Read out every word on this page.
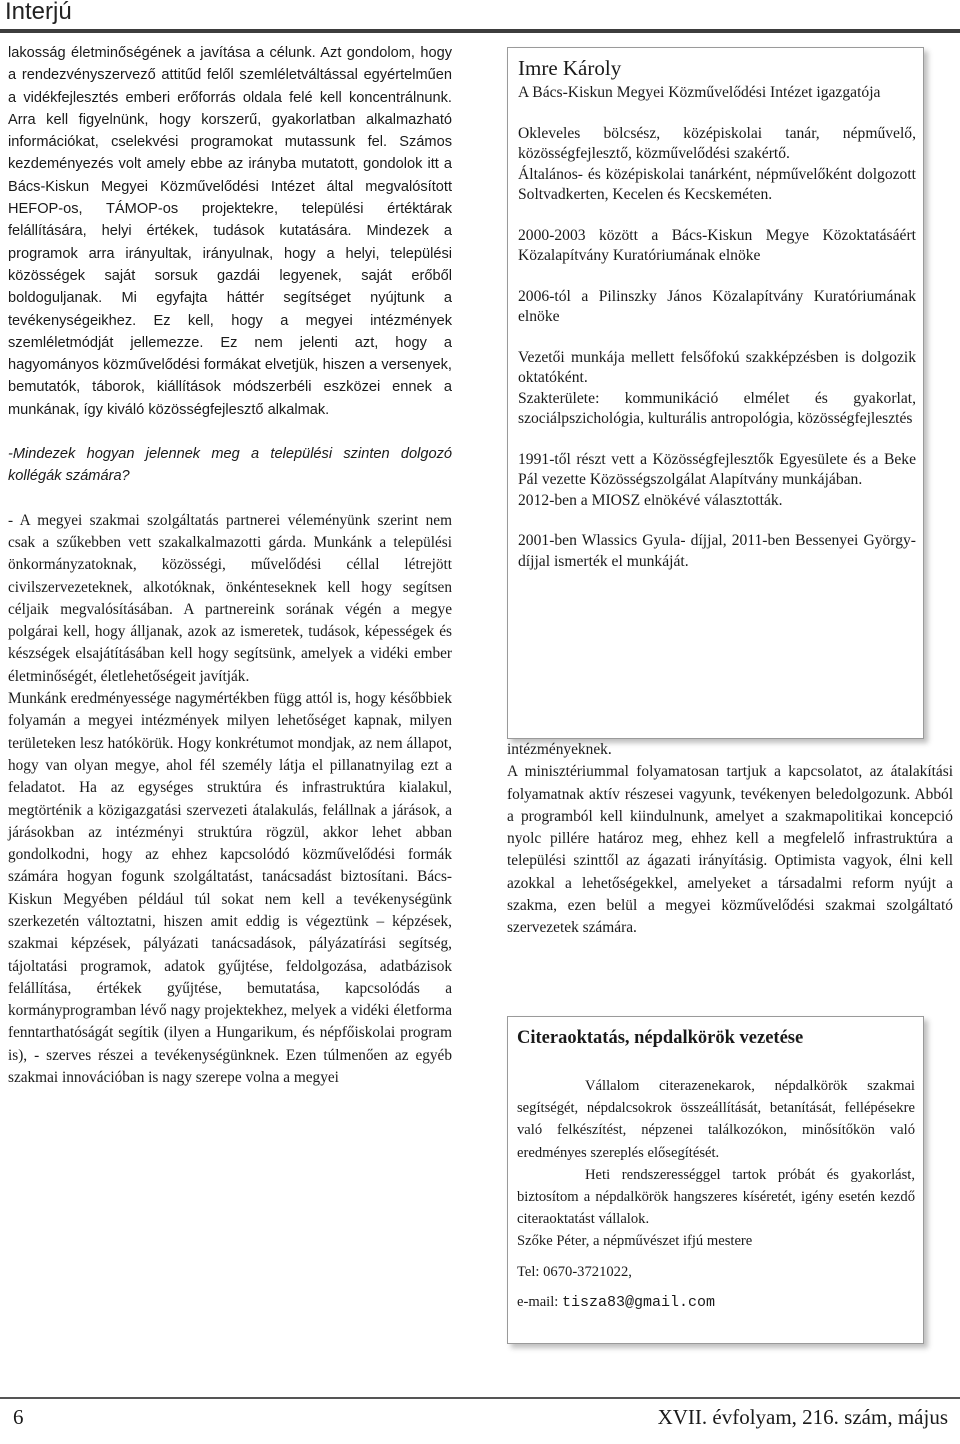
Interjú

lakosság életminőségének a javítása a célunk. Azt gondolom, hogy a rendezvényszervező attitűd felől szemléletváltással egyértelműen a vidékfejlesztés emberi erőforrás oldala felé kell koncentrálnunk. Arra kell figyelnünk, hogy korszerű, gyakorlatban alkalmazható információkat, cselekvési programokat mutassunk fel. Számos kezdeményezés volt amely ebbe az irányba mutatott, gondolok itt a Bács-Kiskun Megyei Közművelődési Intézet által megvalósított HEFOP-os, TÁMOP-os projektekre, települési értéktárak felállítására, helyi értékek, tudások kutatására. Mindezek a programok arra irányultak, irányulnak, hogy a helyi, települési közösségek saját sorsuk gazdái legyenek, saját erőből boldoguljanak. Mi egyfajta háttér segítséget nyújtunk a tevékenységeikhez. Ez kell, hogy a megyei intézmények szemléletmódját jellemezze. Ez nem jelenti azt, hogy a hagyományos közművelődési formákat elvetjük, hiszen a versenyek, bemutatók, táborok, kiállítások módszerbéli eszközei ennek a munkának, így kiváló közösségfejlesztő alkalmak.

-Mindezek hogyan jelennek meg a települési szinten dolgozó kollégák számára?

- A megyei szakmai szolgáltatás partnerei véleményünk szerint nem csak a szűkebben vett szakalkalmazotti gárda. Munkánk a települési önkormányzatoknak, közösségi, művelődési céllal létrejött civilszervezeteknek, alkotóknak, önkénteseknek kell hogy segítsen céljaik megvalósításában. A partnereink sorának végén a megye polgárai kell, hogy álljanak, azok az ismeretek, tudások, képességek és készségek elsajátításában kell hogy segítsünk, amelyek a vidéki ember életminőségét, életlehetőségeit javítják.

Munkánk eredményessége nagymértékben függ attól is, hogy későbbiek folyamán a megyei intézmények milyen lehetőséget kapnak, milyen területeken lesz hatókörük. Hogy konkrétumot mondjak, az nem állapot, hogy van olyan megye, ahol fél személy látja el pillanatnyilag ezt a feladatot. Ha az egységes struktúra és infrastruktúra kialakul, megtörténik a közigazgatási szervezeti átalakulás, felállnak a járások, a járásokban az intézményi struktúra rögzül, akkor lehet abban gondolkodni, hogy az ehhez kapcsolódó közművelődési formák számára hogyan fogunk szolgáltatást, tanácsadást biztosítani. Bács-Kiskun Megyében például túl sokat nem kell a tevékenységünk szerkezetén változtatni, hiszen amit eddig is végeztünk – képzések, szakmai képzések, pályázati tanácsadások, pályázatírási segítség, tájoltatási programok, adatok gyűjtése, feldolgozása, adatbázisok felállítása, értékek gyűjtése, bemutatása, kapcsolódás a kormányprogramban lévő nagy projektekhez, melyek a vidéki életforma fenntarthatóságát segítik (ilyen a Hungarikum, és népfőiskolai program is), - szerves részei a tevékenységünknek. Ezen túlmenően az egyéb szakmai innovációban is nagy szerepe volna a megyei

Imre Károly

A Bács-Kiskun Megyei Közművelődési Intézet igazgatója

Okleveles bölcsész, középiskolai tanár, népművelő, közösségfejlesztő, közművelődési szakértő.

Általános- és középiskolai tanárként, népművelőként dolgozott Soltvadkerten, Kecelen és Kecskeméten.

2000-2003 között a Bács-Kiskun Megye Közoktatásáért Közalapítvány Kuratóriumának elnöke

2006-tól a Pilinszky János Közalapítvány Kuratóriumának elnöke

Vezetői munkája mellett felsőfokú szakképzésben is dolgozik oktatóként.

Szakterülete: kommunikáció elmélet és gyakorlat, szociálpszichológia, kulturális antropológia, közösségfejlesztés

1991-től részt vett a Közösségfejlesztők Egyesülete és a Beke Pál vezette Közösségszolgálat Alapítvány munkájában.

2012-ben a MIOSZ elnökévé választották.

2001-ben Wlassics Gyula- díjjal, 2011-ben Bessenyei György- díjjal ismerték el munkáját.

intézményeknek.

A minisztériummal folyamatosan tartjuk a kapcsolatot, az átalakítási folyamatnak aktív részesei vagyunk, tevékenyen beledolgozunk. Abból a programból kell kiindulnunk, amelyet a szakmapolitikai koncepció nyolc pillére határoz meg, ehhez kell a megfelelő infrastruktúra a települési szinttől az ágazati irányításig. Optimista vagyok, élni kell azokkal a lehetőségekkel, amelyeket a társadalmi reform nyújt a szakma, ezen belül a megyei közművelődési szakmai szolgáltató szervezetek számára.

Citeraoktatás, népdalkörök vezetése

Vállalom citerazenekarok, népdalkörök szakmai segítségét, népdalcsokrok összeállítását, betanítását, fellépésekre való felkészítést, népzenei találkozókon, minősítőkön való eredményes szereplés elősegítését.

Heti rendszerességgel tartok próbát és gyakorlást, biztosítom a népdalkörök hangszeres kíséretét, igény esetén kezdő citeraoktatást vállalok.

Szőke Péter, a népművészet ifjú mestere

Tel: 0670-3721022,

e-mail: tisza83@gmail.com

6	XVII. évfolyam, 216. szám, május
